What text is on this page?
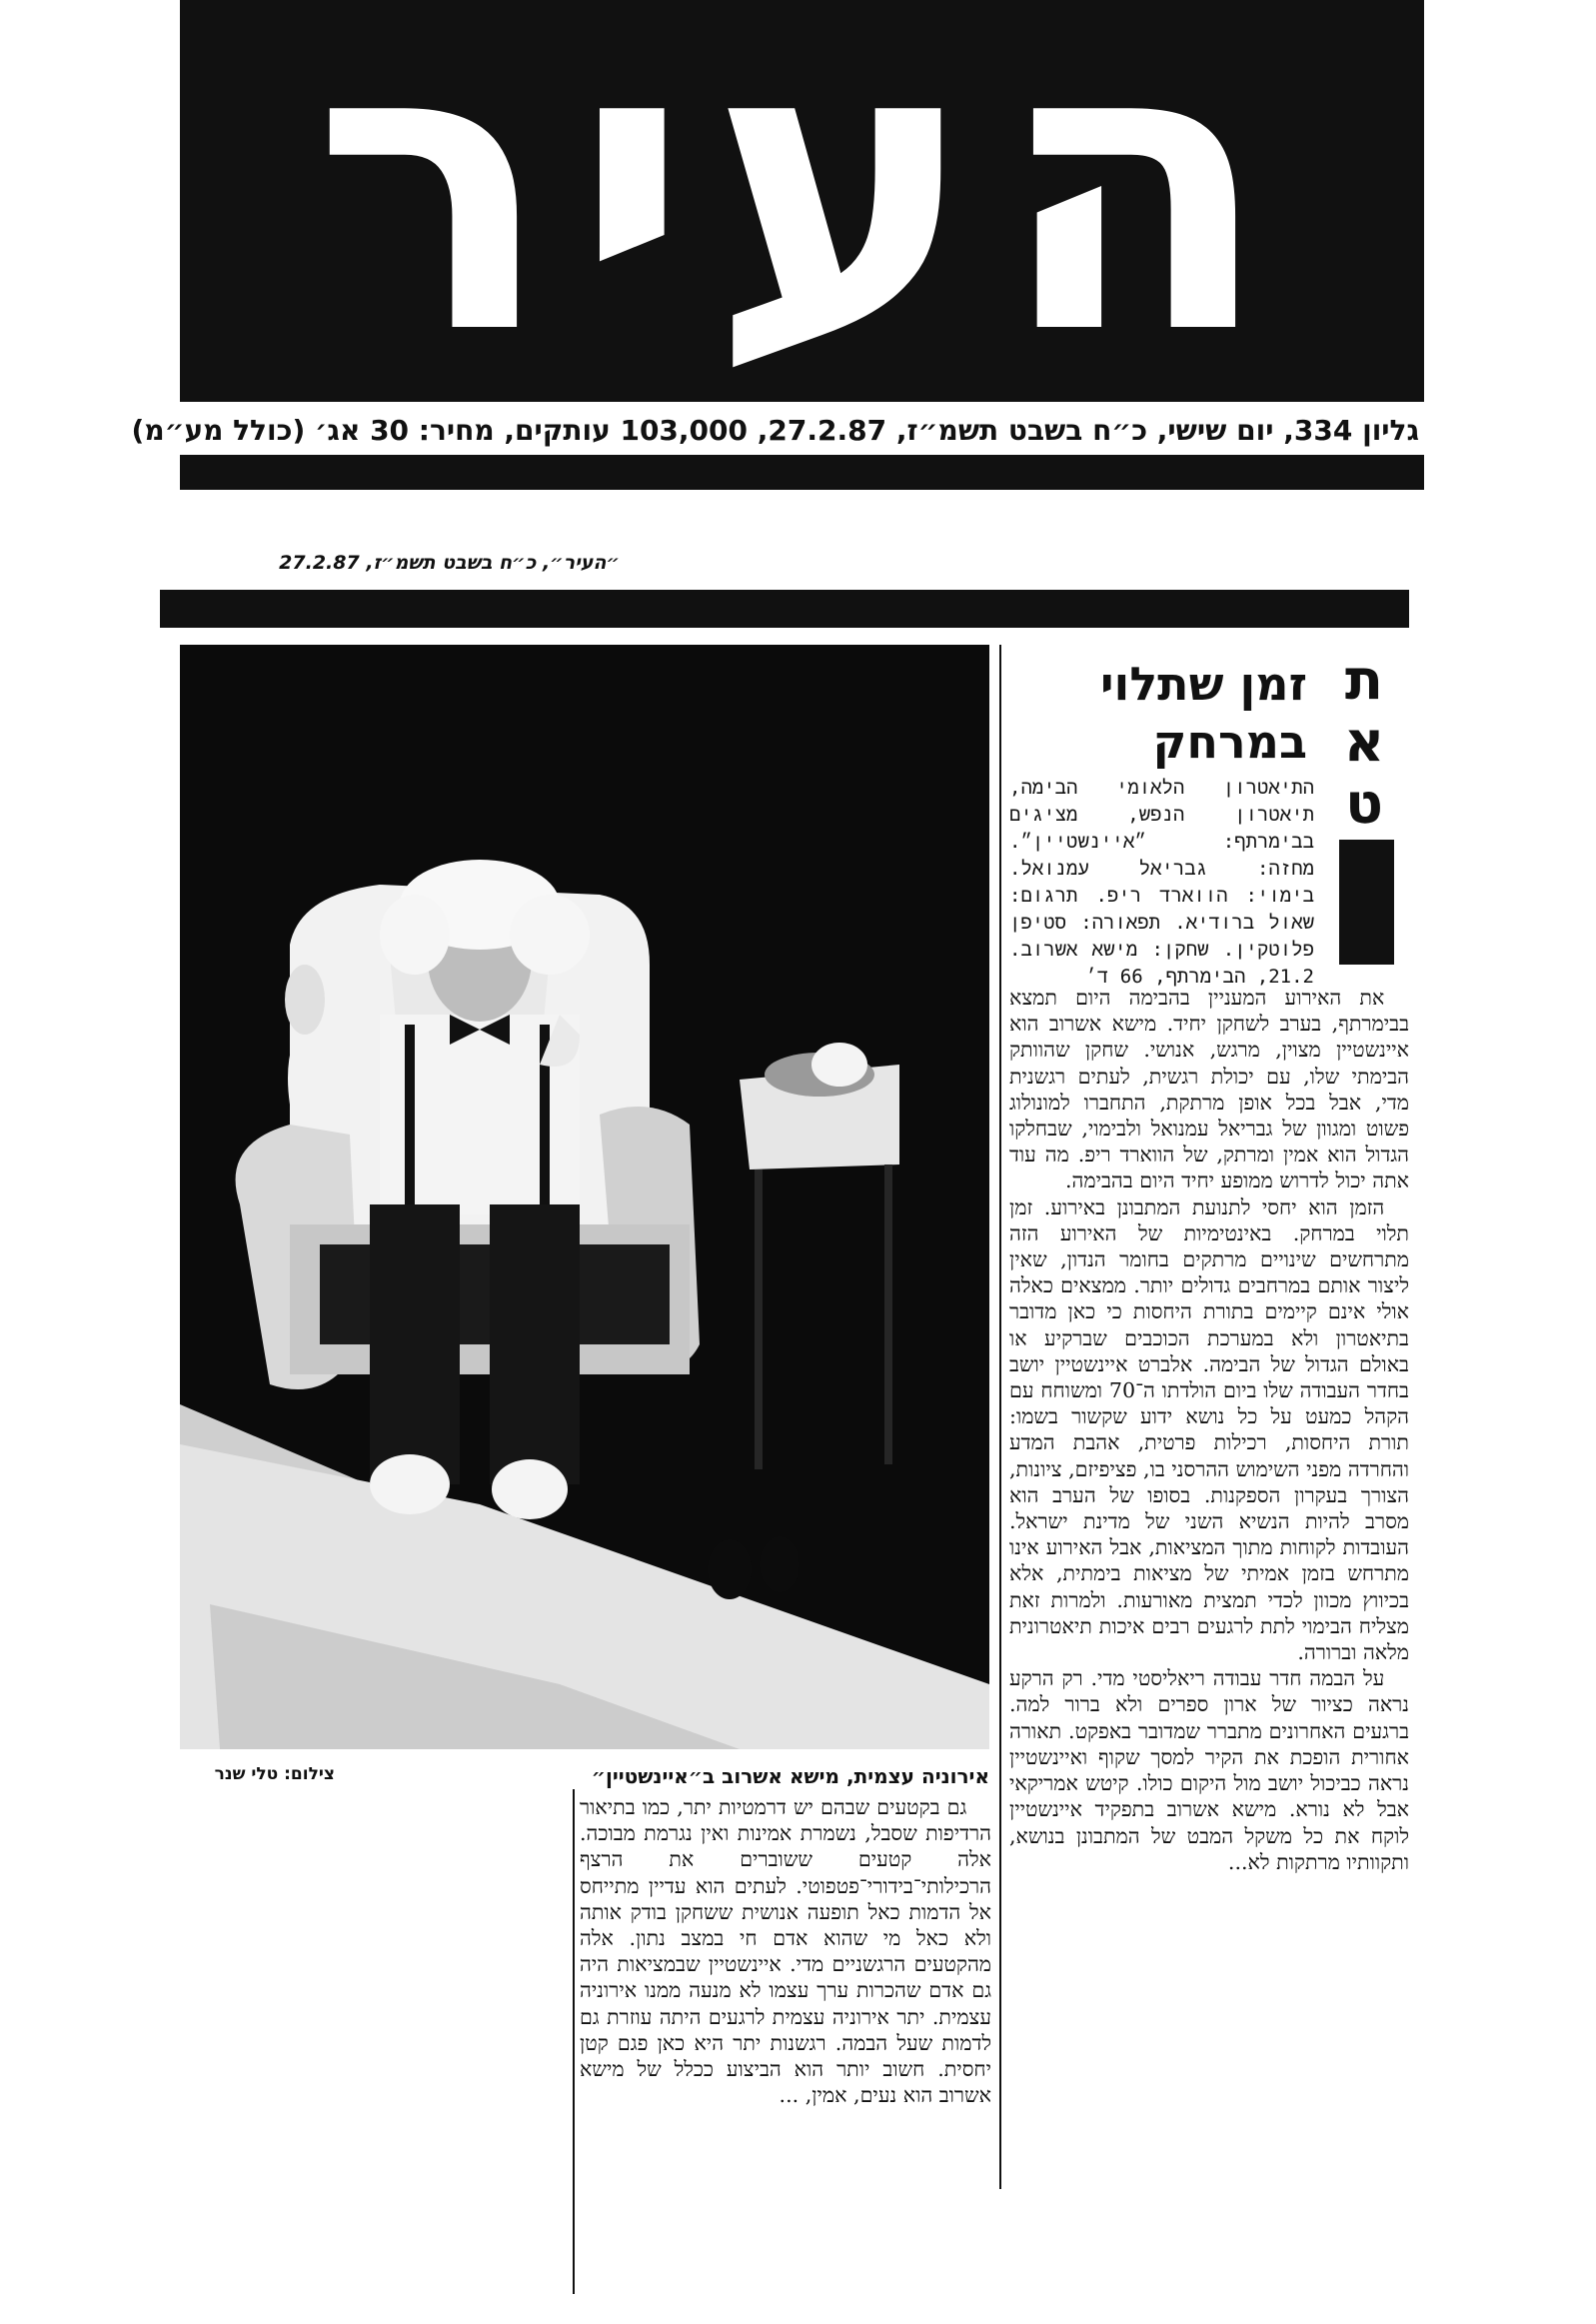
העיר
גליון 334, יום שישי, כ״ח בשבט תשמ״ז, 27.2.87, 103,000 עותקים, מחיר: 30 אג׳ (כולל מע״מ)
״העיר״, כ״ח בשבט תשמ״ז, 27.2.87
צילום: טלי שנר	אירוניה עצמית, מישא אשרוב ב״איינשטיין״
תאט
זמן שתלוי במרחק
התיאטרון הלאומי הבימה, תיאטרון הנפש, מציגים בבימרתף: ״איינשטיין״. מחזה: גבריאל עמנואל. בימוי: הווארד ריפ. תרגום: שאול ברודיא. תפאורה: סטיפן פלוטקין. שחקן: מישא אשרוב. 21.2, הבימרתף, 66 ד׳

את האירוע המעניין בהבימה היום תמצא בבימרתף, בערב לשחקן יחיד. מישא אשרוב הוא איינשטיין מצוין, מרגש, אנושי. שחקן שהוותק הבימתי שלו, עם יכולת רגשית, לעתים רגשנית מדי, אבל בכל אופן מרתקת, התחברו למונולוג פשוט ומגוון של גבריאל עמנואל ולבימוי, שבחלקו הגדול הוא אמין ומרתק, של הווארד ריפ. מה עוד אתה יכול לדרוש ממופע יחיד היום בהבימה.

הזמן הוא יחסי לתנועת המתבונן באירוע. זמן תלוי במרחק. באינטימיות של האירוע הזה מתרחשים שינויים מרתקים בחומר הנדון, שאין ליצור אותם במרחבים גדולים יותר. ממצאים כאלה אולי אינם קיימים בתורת היחסות כי כאן מדובר בתיאטרון ולא במערכת הכוכבים שברקיע או באולם הגדול של הבימה. אלברט איינשטיין יושב בחדר העבודה שלו ביום הולדתו ה־70 ומשוחח עם הקהל כמעט על כל נושא ידוע שקשור בשמו: תורת היחסות, רכילות פרטית, אהבת המדע והחרדה מפני השימוש ההרסני בו, פציפיזם, ציונות, הצורך בעקרון הספקנות. בסופו של הערב הוא מסרב להיות הנשיא השני של מדינת ישראל. העובדות לקוחות מתוך המציאות, אבל האירוע אינו מתרחש בזמן אמיתי של מציאות בימתית, אלא בכיווץ מכוון לכדי תמצית מאורעות. ולמרות זאת מצליח הבימוי לתת לרגעים רבים איכות תיאטרונית מלאה וברורה.

על הבמה חדר עבודה ריאליסטי מדי. רק הרקע נראה כציור של ארון ספרים ולא ברור למה. ברגעים האחרונים מתברר שמדובר באפקט. תאורה אחורית הופכת את הקיר למסך שקוף ואיינשטיין נראה כביכול יושב מול היקום כולו. קיטש אמריקאי אבל לא נורא. מישא אשרוב בתפקיד איינשטיין לוקח את כל משקל המבט של המתבונן בנושא, ותקוותיו מרתקות לא...

גם בקטעים שבהם יש דרמטיות יתר, כמו בתיאור הרדיפות שסבל, נשמרת אמינות ואין נגרמת מבוכה. אלה קטעים ששוברים את הרצף הרכילותי־בידורי־פטפוטי. לעתים הוא עדיין מתייחס אל הדמות כאל תופעה אנושית ששחקן בודק אותה ולא כאל מי שהוא אדם חי במצב נתון. אלה מהקטעים הרגשניים מדי. איינשטיין שבמציאות היה גם אדם שהכרות ערך עצמו לא מנעה ממנו אירוניה עצמית. יתר אירוניה עצמית לרגעים היתה עוזרת גם לדמות שעל הבמה. רגשנות יתר היא כאן פגם קטן יחסית. חשוב יותר הוא הביצוע ככלל של מישא אשרוב הוא נעים, אמין, ...
